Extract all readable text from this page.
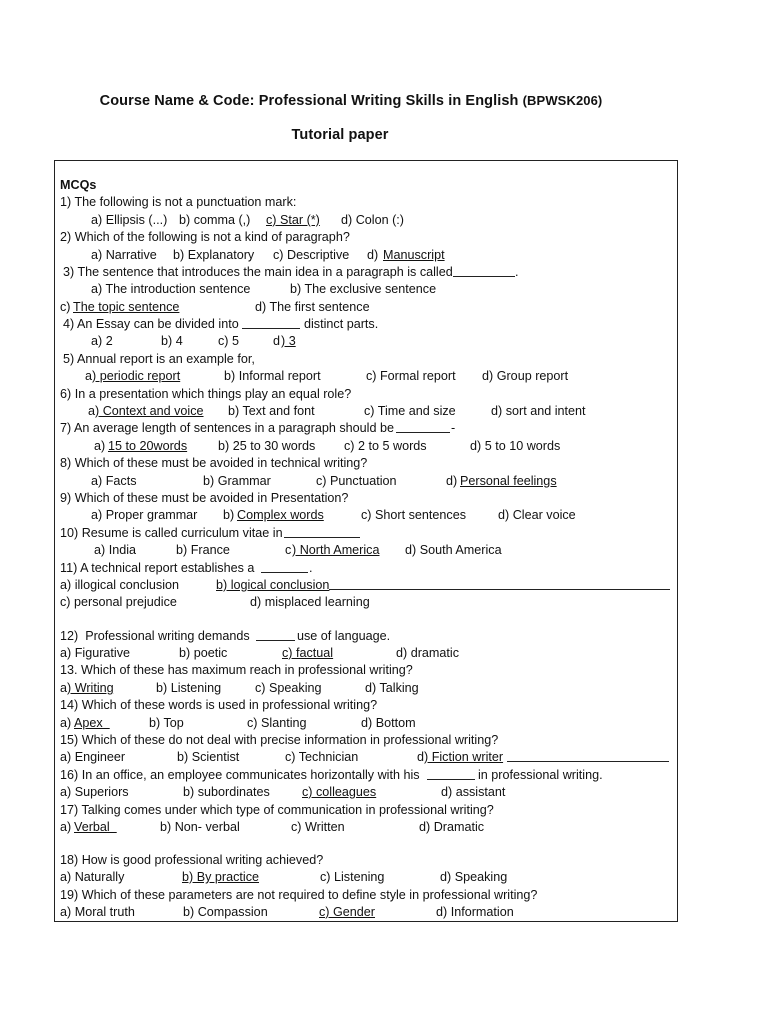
Course Name & Code: Professional Writing Skills in English (BPWSK206)
Tutorial paper
MCQs
1) The following is not a punctuation mark:
a) Ellipsis (...) b) comma (,) c) Star (*) d) Colon (:)
2) Which of the following is not a kind of paragraph?
a) Narrative b) Explanatory c) Descriptive d) Manuscript
3) The sentence that introduces the main idea in a paragraph is called	.
a) The introduction sentence	b) The exclusive sentence
c) The topic sentence	d) The first sentence
4) An Essay can be divided into	distinct parts.
a) 2	b) 4	c) 5	d ) 3
5) Annual report is an example for,
a ) periodic report	b) Informal report	c) Formal report d) Group report
6) In a presentation which things play an equal role?
a ) Context and voice b) Text and font	c) Time and size	d) sort and intent
7) An average length of sentences in a paragraph should be	-
a) 15 to 20words b) 25 to 30 words c) 2 to 5 words	d) 5 to 10 words
8) Which of these must be avoided in technical writing?
a) Facts	b) Grammar	c) Punctuation	d) Personal feelings
9) Which of these must be avoided in Presentation?
a) Proper grammar b) Complex words	c) Short sentences	d) Clear voice
10) Resume is called curriculum vitae in
a) India	b) France	c ) North America d) South America
11) A technical report establishes a	.
a) illogical conclusion	b) logical conclusion
c) personal prejudice	d) misplaced learning
12)  Professional writing demands	use of language.
a) Figurative	b) poetic	c) factual	d) dramatic
13. Which of these has maximum reach in professional writing?
a ) Writing	b) Listening	c) Speaking	d) Talking
14) Which of these words is used in professional writing?
a) Apex	b) Top	c) Slanting	d) Bottom
15) Which of these do not deal with precise information in professional writing?
a) Engineer	b) Scientist	c) Technician	d ) Fiction writer
16) In an office, an employee communicates horizontally with his	in professional writing.
a) Superiors	b) subordinates	c) colleagues	d) assistant
17) Talking comes under which type of communication in professional writing?
a) Verbal	b) Non- verbal	c) Written	d) Dramatic
18) How is good professional writing achieved?
a) Naturally	b) By practice	c) Listening	d) Speaking
19) Which of these parameters are not required to define style in professional writing?
a) Moral truth	b) Compassion	c) Gender	d) Information
